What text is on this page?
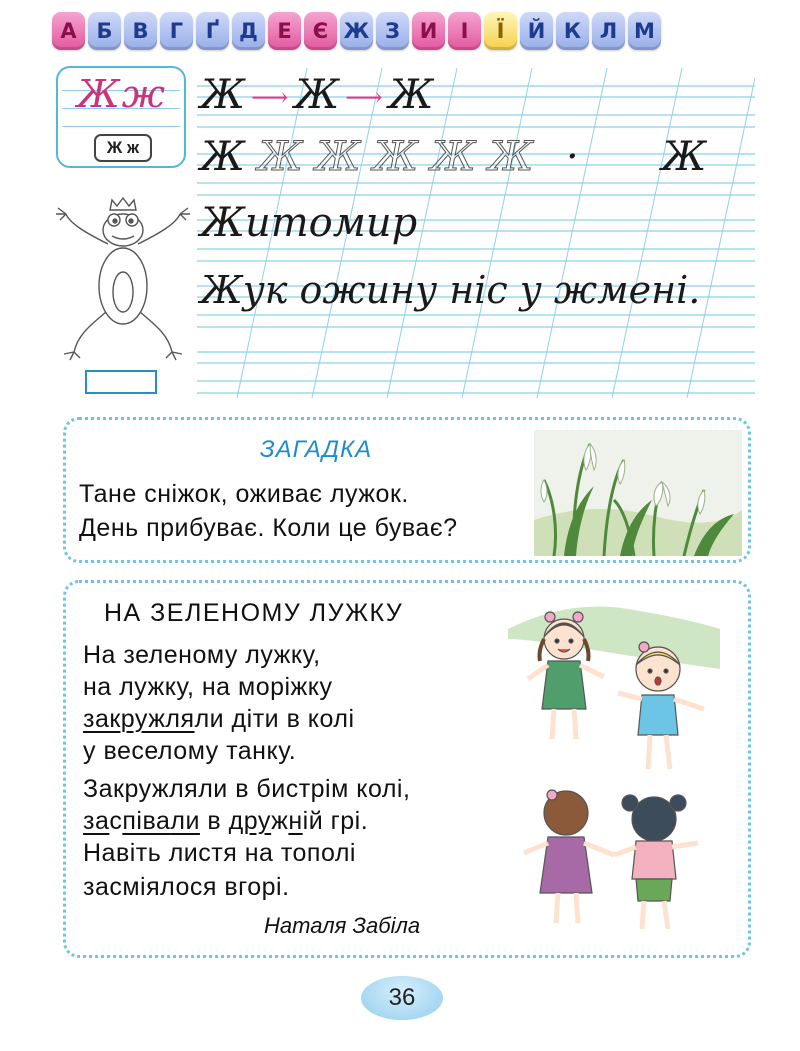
А Б В	Г	Ґ Д Е	Є Ж З И	І	Ї	Й К Л М
Жж
Ж ж
Ж ⟶ Ж ⟶ Ж
Ж Ж Ж Ж Ж Ж · Ж
Житомир
Жук ожину ніс у жмені.
ЗАГАДКА
Тане сніжок, оживає лужок.
День прибуває. Коли це буває?
НА ЗЕЛЕНОМУ ЛУЖКУ
На зеленому лужку,
на лужку, на моріжку
закружляли діти в колі
у веселому танку.
Закружляли в бистрім колі,
заспівали в дружній грі.
Навіть листя на тополі
засміялося вгорі.
Наталя Забіла
36
